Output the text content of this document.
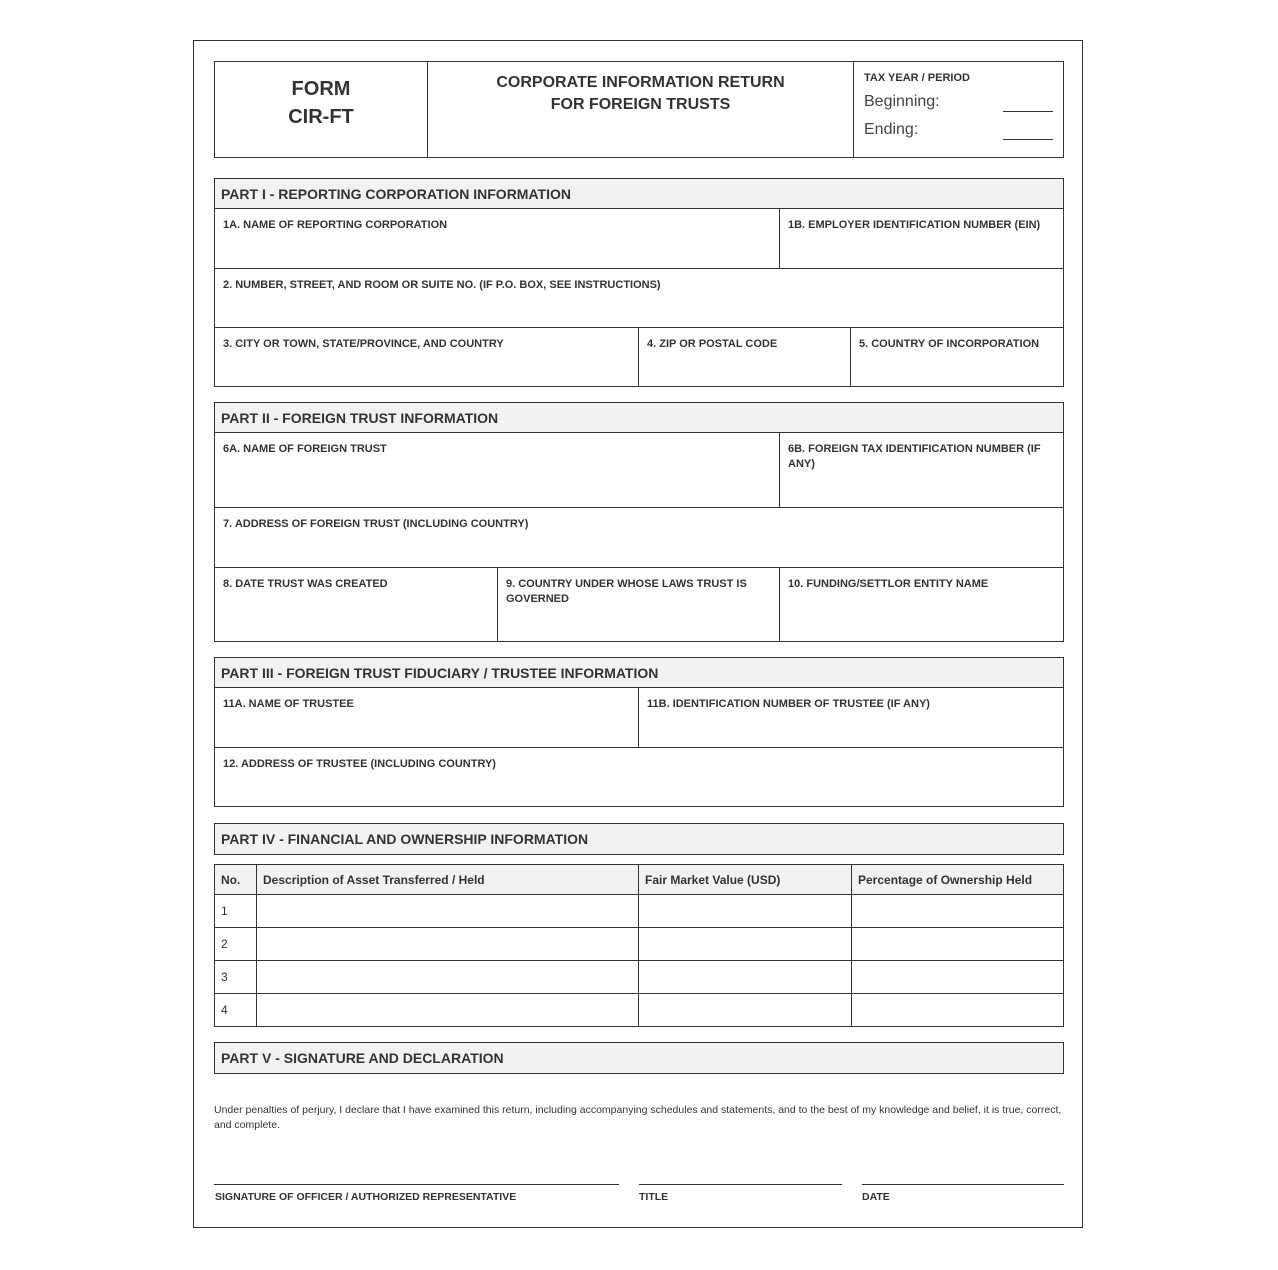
FORM
CIR-FT
CORPORATE INFORMATION RETURN
FOR FOREIGN TRUSTS
TAX YEAR / PERIOD
Beginning:
Ending:
PART I - REPORTING CORPORATION INFORMATION
1A. NAME OF REPORTING CORPORATION	1B. EMPLOYER IDENTIFICATION NUMBER (EIN)
2. NUMBER, STREET, AND ROOM OR SUITE NO. (IF P.O. BOX, SEE INSTRUCTIONS)
3. CITY OR TOWN, STATE/PROVINCE, AND COUNTRY	4. ZIP OR POSTAL CODE	5. COUNTRY OF INCORPORATION
PART II - FOREIGN TRUST INFORMATION
6A. NAME OF FOREIGN TRUST	6B. FOREIGN TAX IDENTIFICATION NUMBER (IF ANY)
7. ADDRESS OF FOREIGN TRUST (INCLUDING COUNTRY)
8. DATE TRUST WAS CREATED	9. COUNTRY UNDER WHOSE LAWS TRUST IS GOVERNED
10. FUNDING/SETTLOR ENTITY NAME
PART III - FOREIGN TRUST FIDUCIARY / TRUSTEE INFORMATION
11A. NAME OF TRUSTEE	11B. IDENTIFICATION NUMBER OF TRUSTEE (IF ANY)
12. ADDRESS OF TRUSTEE (INCLUDING COUNTRY)
PART IV - FINANCIAL AND OWNERSHIP INFORMATION
No.	Description of Asset Transferred / Held	Fair Market Value (USD)	Percentage of Ownership Held
1			
2			
3			
4			
PART V - SIGNATURE AND DECLARATION
Under penalties of perjury, I declare that I have examined this return, including accompanying schedules and statements, and to the best of my knowledge and belief, it is true, correct, and complete.
SIGNATURE OF OFFICER / AUTHORIZED REPRESENTATIVE	TITLE	DATE
